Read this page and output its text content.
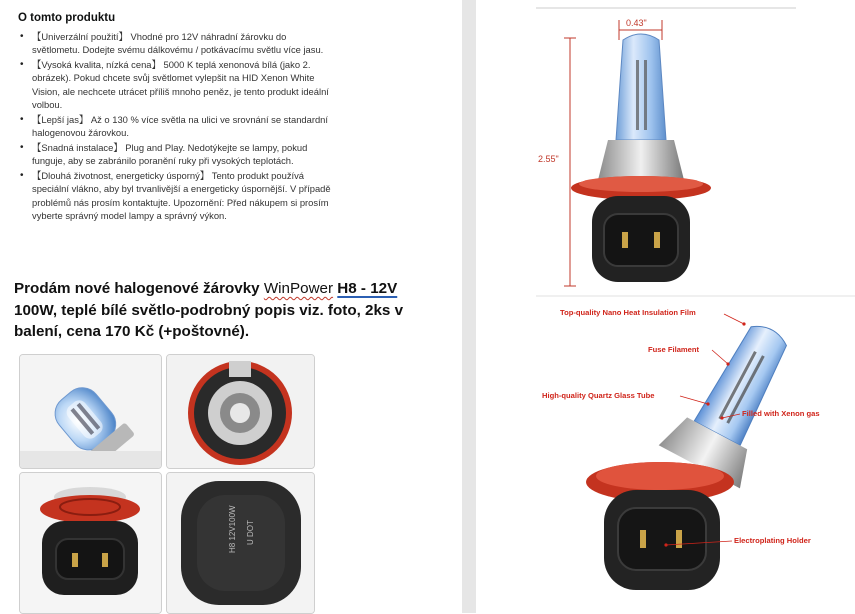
O tomto produktu
• 【Univerzální použití】 Vhodné pro 12V náhradní žárovku do světlometu. Dodejte svému dálkovému / potkávacímu světlu více jasu.
• 【Vysoká kvalita, nízká cena】 5000 K teplá xenonová bílá (jako 2. obrázek). Pokud chcete svůj světlomet vylepšit na HID Xenon White Vision, ale nechcete utrácet příliš mnoho peněz, je tento produkt ideální volbou.
• 【Lepší jas】 Až o 130 % více světla na ulici ve srovnání se standardní halogenovou žárovkou.
• 【Snadná instalace】 Plug and Play. Nedotýkejte se lampy, pokud funguje, aby se zabránilo poranění ruky při vysokých teplotách.
• 【Dlouhá životnost, energeticky úsporný】 Tento produkt používá speciální vlákno, aby byl trvanlivější a energeticky úspornější. V případě problémů nás prosím kontaktujte. Upozornění: Před nákupem si prosím vyberte správný model lampy a správný výkon.
Prodám nové halogenové žárovky WinPower H8 - 12V 100W, teplé bílé světlo-podrobný popis viz. foto, 2ks v balení, cena 170 Kč (+poštovné).
H8 12V100W U DOT
0.43"
2.55"
Top-quality Nano Heat Insulation Film
Fuse Filament
High-quality Quartz Glass Tube
Filled with Xenon gas
Electroplating Holder
